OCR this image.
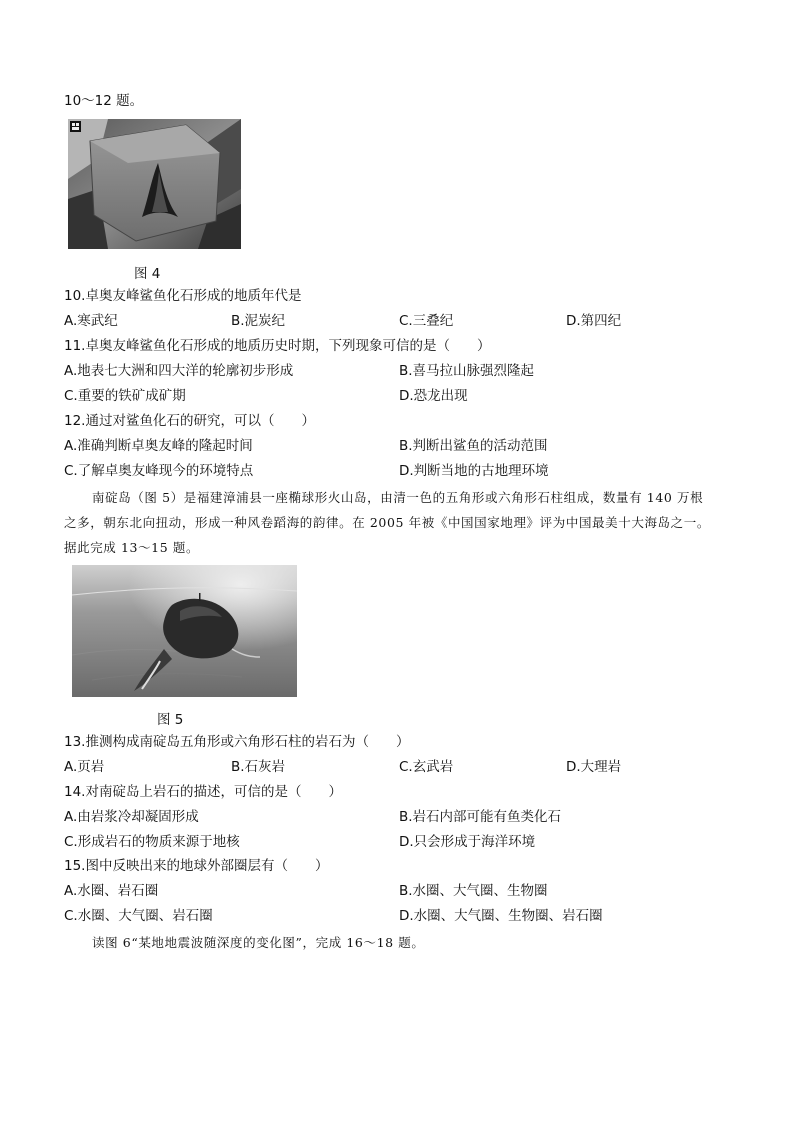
10～12 题。
图 4
10.卓奥友峰鲨鱼化石形成的地质年代是
A.寒武纪	B.泥炭纪	C.三叠纪	D.第四纪
11.卓奥友峰鲨鱼化石形成的地质历史时期，下列现象可信的是（　　）
A.地表七大洲和四大洋的轮廓初步形成	B.喜马拉山脉强烈隆起
C.重要的铁矿成矿期	D.恐龙出现
12.通过对鲨鱼化石的研究，可以（　　）
A.准确判断卓奥友峰的隆起时间	B.判断出鲨鱼的活动范围
C.了解卓奥友峰现今的环境特点	D.判断当地的古地理环境
南碇岛（图 5）是福建漳浦县一座椭球形火山岛，由清一色的五角形或六角形石柱组成，数量有 140 万根
之多，朝东北向扭动，形成一种风卷蹈海的韵律。在 2005 年被《中国国家地理》评为中国最美十大海岛之一。
据此完成 13～15 题。
图 5
13.推测构成南碇岛五角形或六角形石柱的岩石为（　　）
A.页岩	B.石灰岩	C.玄武岩	D.大理岩
14.对南碇岛上岩石的描述，可信的是（　　）
A.由岩浆冷却凝固形成	B.岩石内部可能有鱼类化石
C.形成岩石的物质来源于地核	D.只会形成于海洋环境
15.图中反映出来的地球外部圈层有（　　）
A.水圈、岩石圈	B.水圈、大气圈、生物圈
C.水圈、大气圈、岩石圈	D.水圈、大气圈、生物圈、岩石圈
读图 6“某地地震波随深度的变化图”，完成 16～18 题。
